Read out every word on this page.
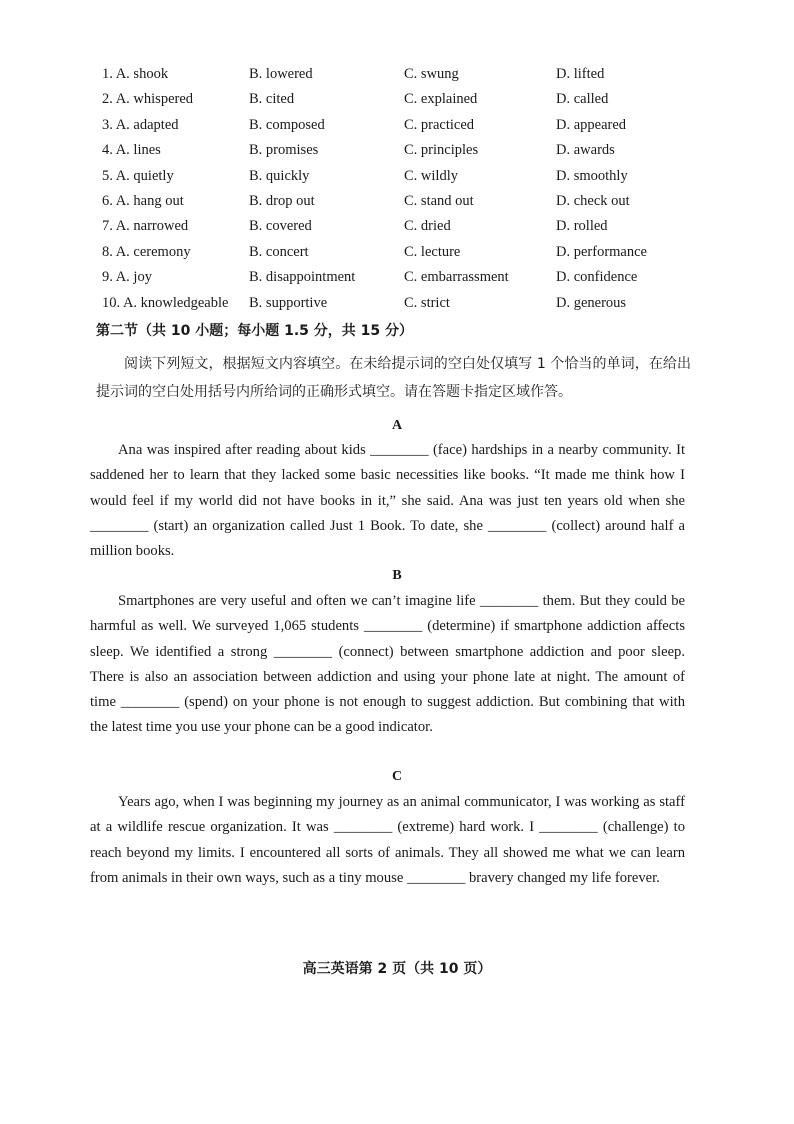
1. A. shook	B. lowered	C. swung	D. lifted
2. A. whispered	B. cited	C. explained	D. called
3. A. adapted	B. composed	C. practiced	D. appeared
4. A. lines	B. promises	C. principles	D. awards
5. A. quietly	B. quickly	C. wildly	D. smoothly
6. A. hang out	B. drop out	C. stand out	D. check out
7. A. narrowed	B. covered	C. dried	D. rolled
8. A. ceremony	B. concert	C. lecture	D. performance
9. A. joy	B. disappointment	C. embarrassment	D. confidence
10. A. knowledgeable B. supportive	C. strict	D. generous
第二节（共 10 小题；每小题 1.5 分，共 15 分）
阅读下列短文，根据短文内容填空。在未给提示词的空白处仅填写 1 个恰当的单词，在给出提示词的空白处用括号内所给词的正确形式填空。请在答题卡指定区域作答。
A
Ana was inspired after reading about kids ________ (face) hardships in a nearby community. It saddened her to learn that they lacked some basic necessities like books. “It made me think how I would feel if my world did not have books in it,” she said. Ana was just ten years old when she ________ (start) an organization called Just 1 Book. To date, she ________ (collect) around half a million books.
B
Smartphones are very useful and often we can’t imagine life ________ them. But they could be harmful as well. We surveyed 1,065 students ________ (determine) if smartphone addiction affects sleep. We identified a strong ________ (connect) between smartphone addiction and poor sleep. There is also an association between addiction and using your phone late at night. The amount of time ________ (spend) on your phone is not enough to suggest addiction. But combining that with the latest time you use your phone can be a good indicator.
C
Years ago, when I was beginning my journey as an animal communicator, I was working as staff at a wildlife rescue organization. It was ________ (extreme) hard work. I ________ (challenge) to reach beyond my limits. I encountered all sorts of animals. They all showed me what we can learn from animals in their own ways, such as a tiny mouse ________ bravery changed my life forever.
高三英语第 2 页（共 10 页）
